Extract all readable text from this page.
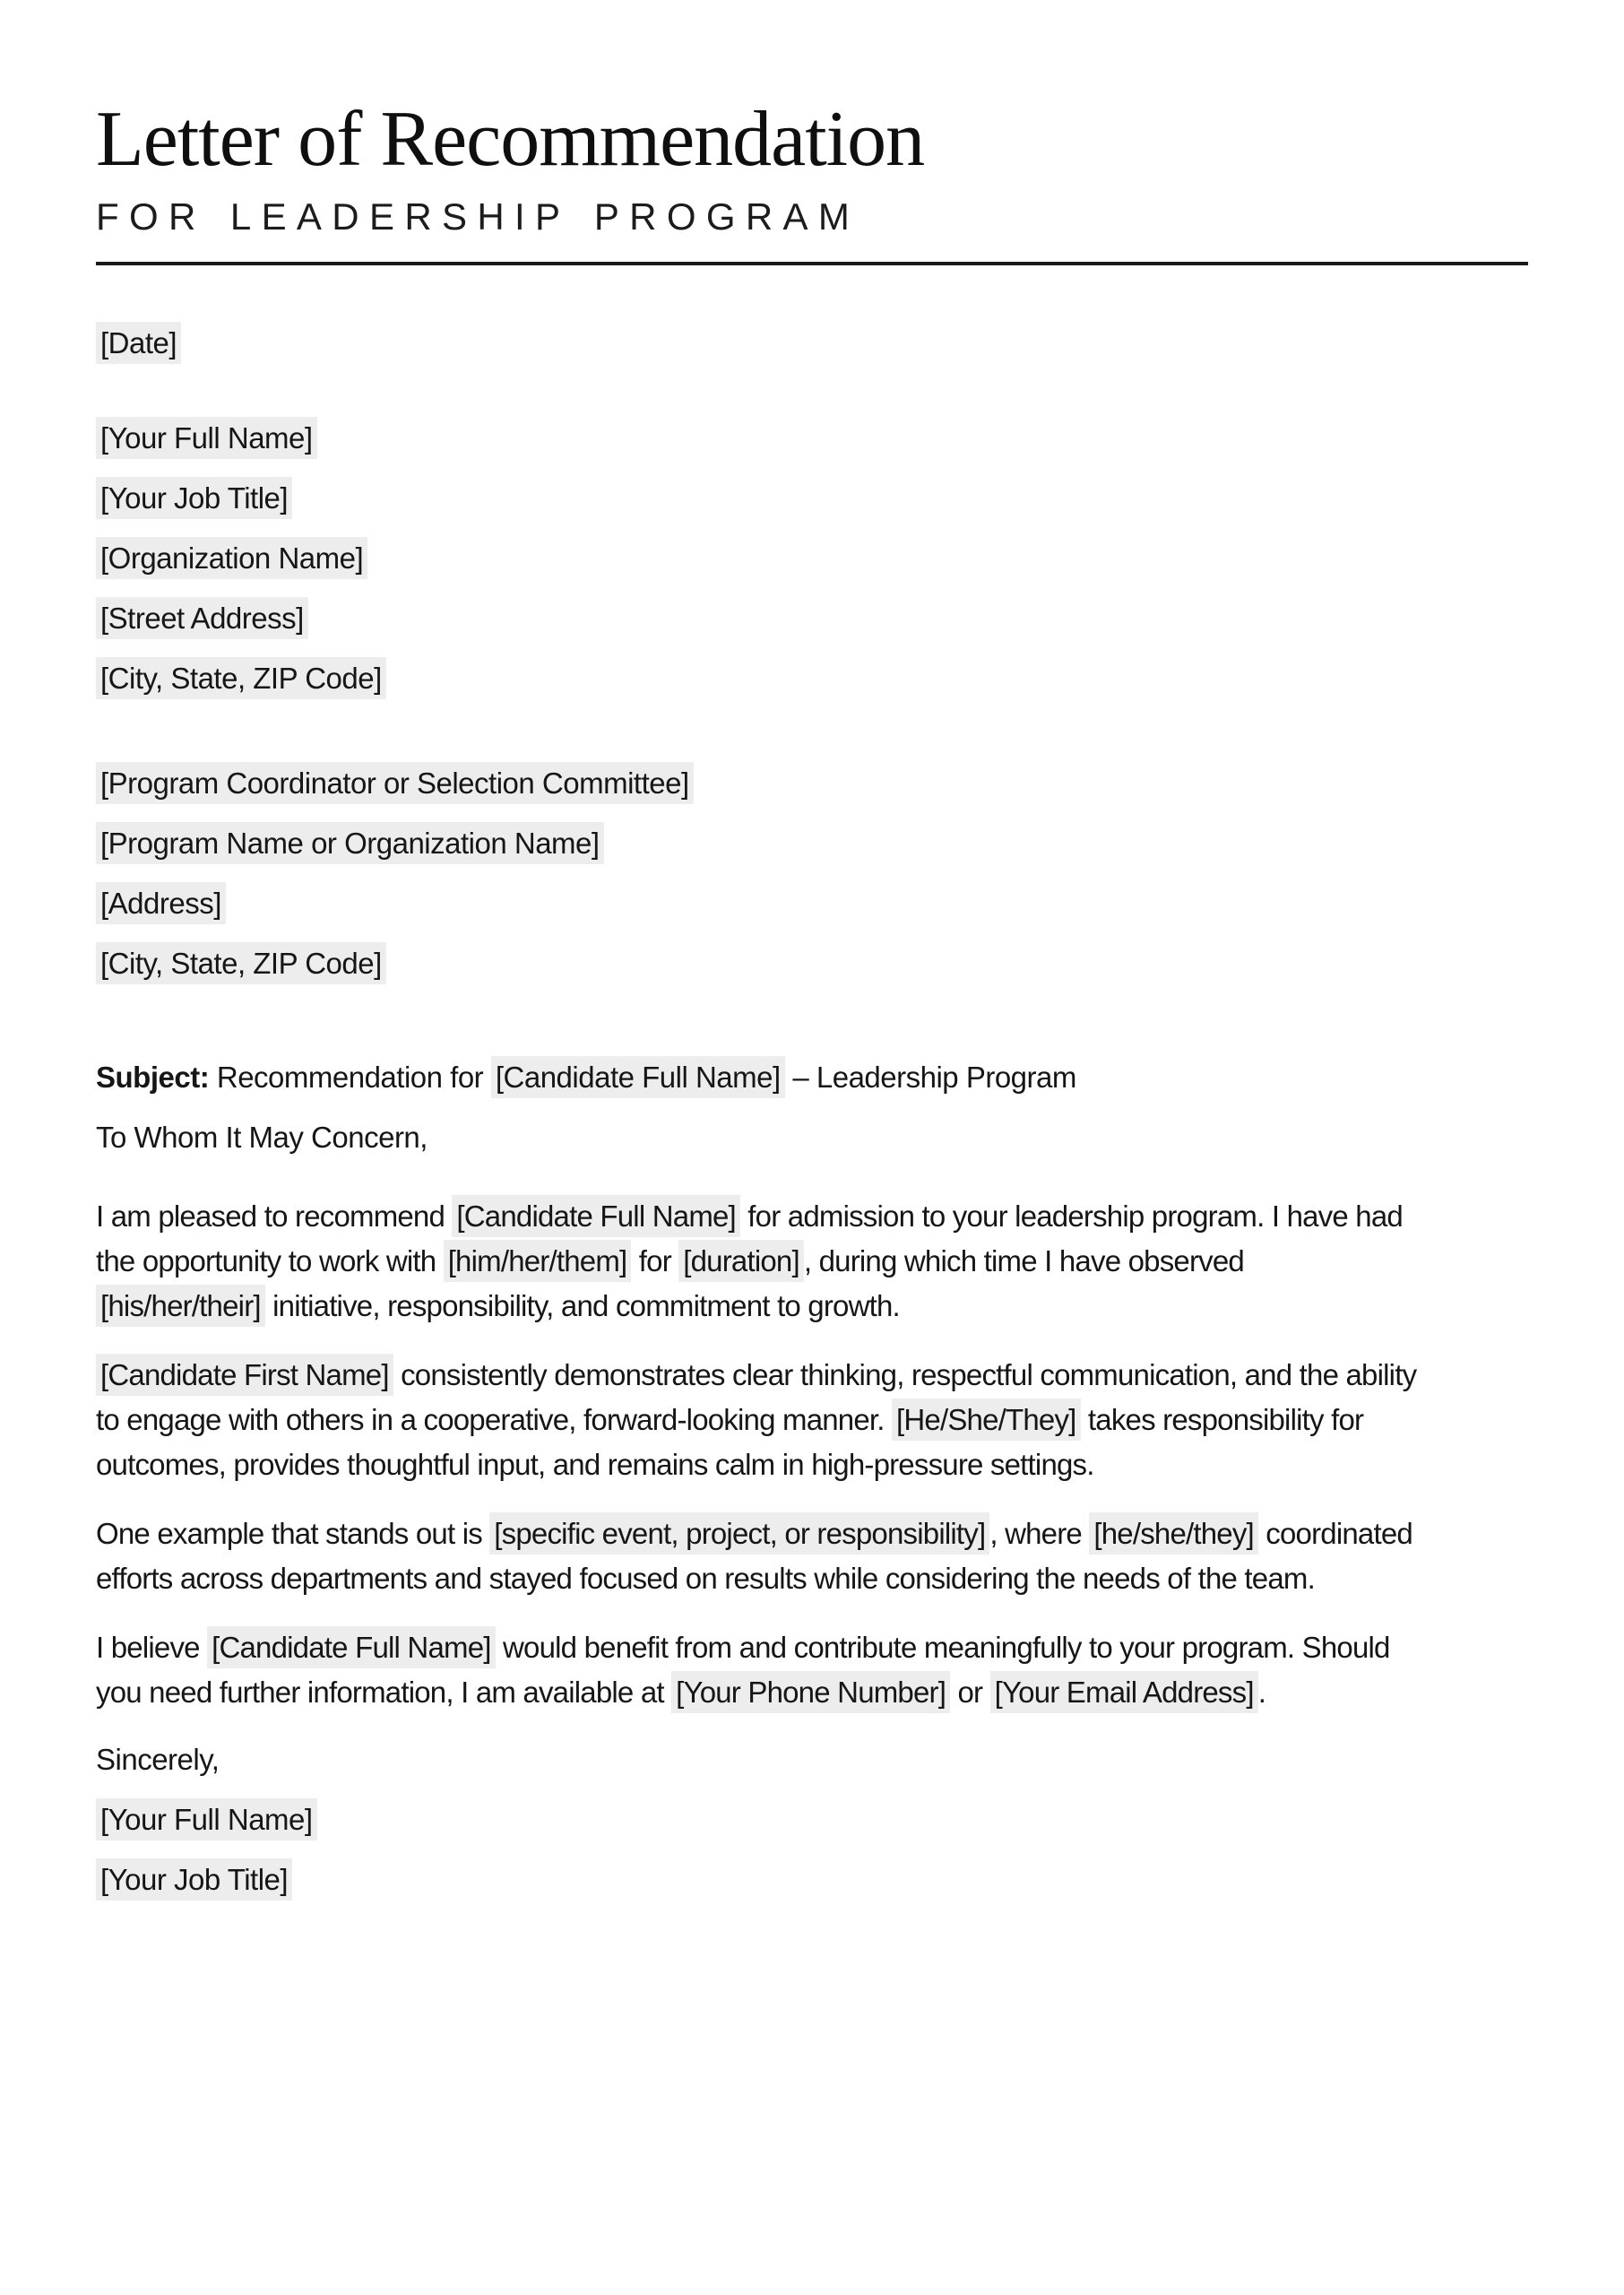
Letter of Recommendation
FOR LEADERSHIP PROGRAM
[Date]
[Your Full Name]
[Your Job Title]
[Organization Name]
[Street Address]
[City, State, ZIP Code]
[Program Coordinator or Selection Committee]
[Program Name or Organization Name]
[Address]
[City, State, ZIP Code]
Subject: Recommendation for [Candidate Full Name] – Leadership Program
To Whom It May Concern,
I am pleased to recommend [Candidate Full Name] for admission to your leadership program. I have had
the opportunity to work with [him/her/them] for [duration] , during which time I have observed
[his/her/their] initiative, responsibility, and commitment to growth.
[Candidate First Name] consistently demonstrates clear thinking, respectful communication, and the ability
to engage with others in a cooperative, forward-looking manner. [He/She/They] takes responsibility for
outcomes, provides thoughtful input, and remains calm in high-pressure settings.
One example that stands out is [specific event, project, or responsibility] , where [he/she/they] coordinated
efforts across departments and stayed focused on results while considering the needs of the team.
I believe [Candidate Full Name] would benefit from and contribute meaningfully to your program. Should
you need further information, I am available at [Your Phone Number] or [Your Email Address] .
Sincerely,
[Your Full Name]
[Your Job Title]
